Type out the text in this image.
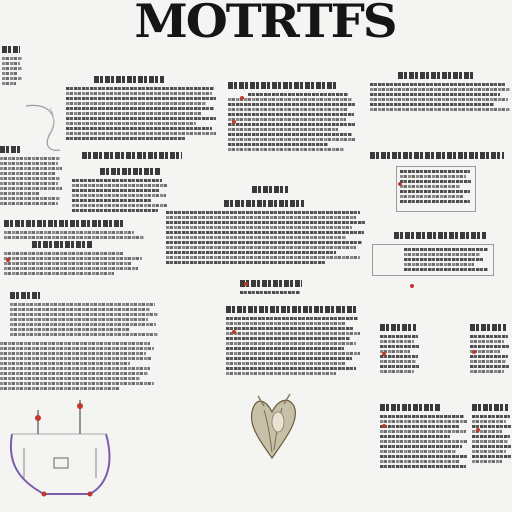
MOTRTFS
